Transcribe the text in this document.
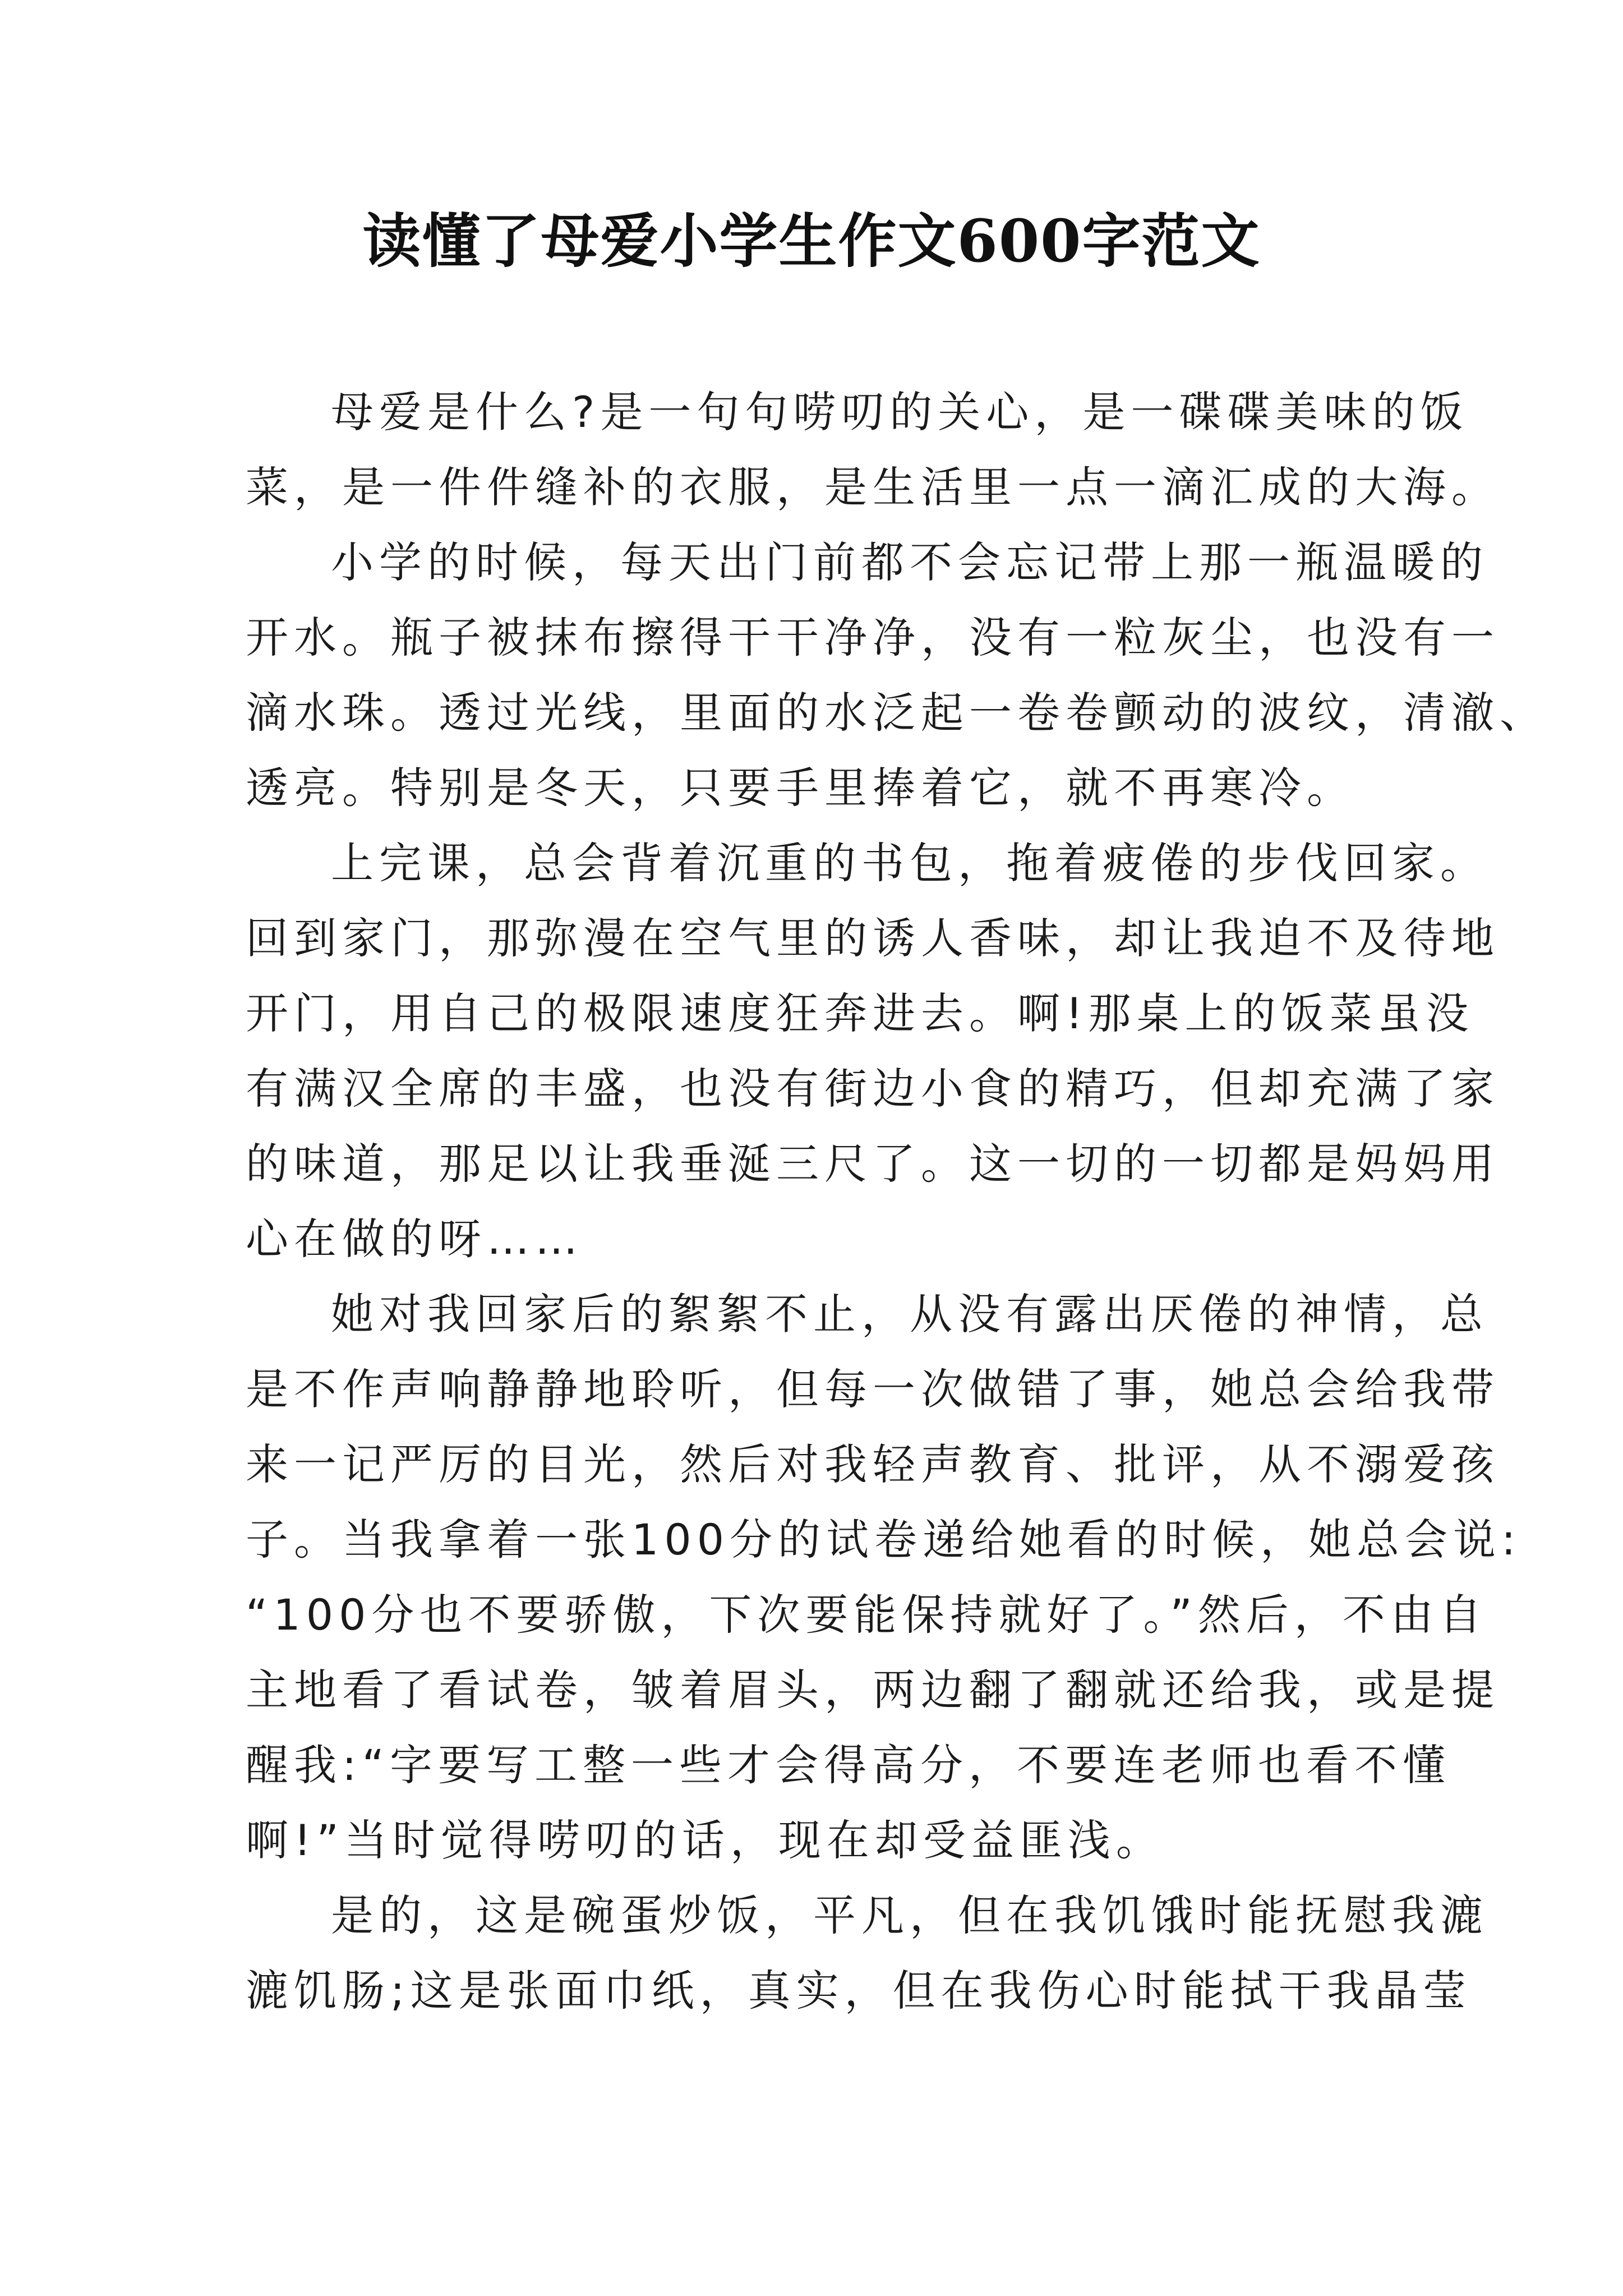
读懂了母爱小学生作文600字范文
母爱是什么?是一句句唠叨的关心，是一碟碟美味的饭
菜，是一件件缝补的衣服，是生活里一点一滴汇成的大海。
小学的时候，每天出门前都不会忘记带上那一瓶温暖的
开水。瓶子被抹布擦得干干净净，没有一粒灰尘，也没有一
滴水珠。透过光线，里面的水泛起一卷卷颤动的波纹，清澈、
透亮。特别是冬天，只要手里捧着它，就不再寒冷。
上完课，总会背着沉重的书包，拖着疲倦的步伐回家。
回到家门，那弥漫在空气里的诱人香味，却让我迫不及待地
开门，用自己的极限速度狂奔进去。啊!那桌上的饭菜虽没
有满汉全席的丰盛，也没有街边小食的精巧，但却充满了家
的味道，那足以让我垂涎三尺了。这一切的一切都是妈妈用
心在做的呀……
她对我回家后的絮絮不止，从没有露出厌倦的神情，总
是不作声响静静地聆听，但每一次做错了事，她总会给我带
来一记严厉的目光，然后对我轻声教育、批评，从不溺爱孩
子。当我拿着一张100分的试卷递给她看的时候，她总会说:
“100分也不要骄傲，下次要能保持就好了。”然后，不由自
主地看了看试卷，皱着眉头，两边翻了翻就还给我，或是提
醒我:“字要写工整一些才会得高分，不要连老师也看不懂
啊!”当时觉得唠叨的话，现在却受益匪浅。
是的，这是碗蛋炒饭，平凡，但在我饥饿时能抚慰我漉
漉饥肠;这是张面巾纸，真实，但在我伤心时能拭干我晶莹
